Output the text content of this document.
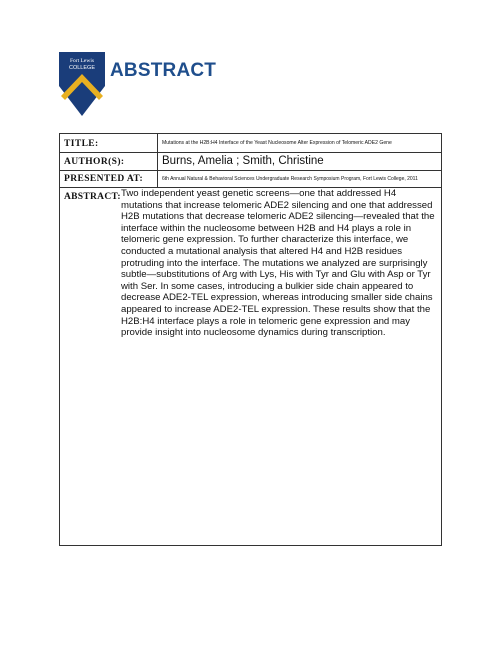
Fort Lewis
COLLEGE ABSTRACT
TITLE:	Mutations at the H2B:H4 Interface of the Yeast Nucleosome Alter Expression of Telomeric ADE2 Gene
AUTHOR(S):	Burns, Amelia ; Smith, Christine
PRESENTED AT:	6th Annual Natural & Behavioral Sciences Undergraduate Research Symposium Program, Fort Lewis College, 2011
ABSTRACT: Two independent yeast genetic screens—one that addressed H4 mutations that increase telomeric ADE2 silencing and one that addressed H2B mutations that decrease telomeric ADE2 silencing—revealed that the interface within the nucleosome between H2B and H4 plays a role in telomeric gene expression. To further characterize this interface, we conducted a mutational analysis that altered H4 and H2B residues protruding into the interface. The mutations we analyzed are surprisingly subtle—substitutions of Arg with Lys, His with Tyr and Glu with Asp or Tyr with Ser. In some cases, introducing a bulkier side chain appeared to decrease ADE2-TEL expression, whereas introducing smaller side chains appeared to increase ADE2-TEL expression. These results show that the H2B:H4 interface plays a role in telomeric gene expression and may provide insight into nucleosome dynamics during transcription.
